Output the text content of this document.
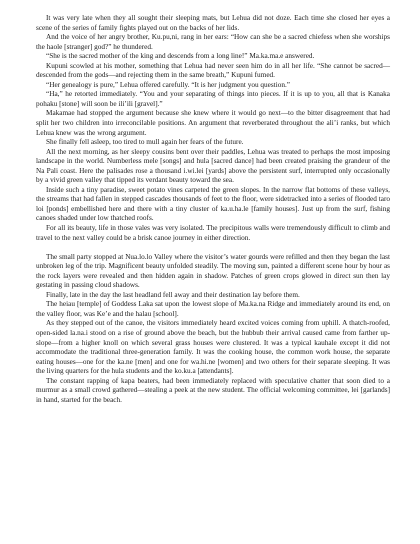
It was very late when they all sought their sleeping mats, but Lehua did not doze. Each time she closed her eyes a scene of the series of family fights played out on the backs of her lids.

And the voice of her angry brother, Ku.pu,ni, rang in her ears: “How can she be a sacred chiefess when she worships the haole [stranger] god?” he thundered.

“She is the sacred mother of the king and descends from a long line!” Ma.ka.ma.e answered.

Kupuni scowled at his mother, something that Lehua had never seen him do in all her life. “She cannot be sacred—descended from the gods—and rejecting them in the same breath,” Kupuni fumed.

“Her genealogy is pure,” Lehua offered carefully. “It is her judgment you question.”

“Ha,” he retorted immediately. “You and your separating of things into pieces. If it is up to you, all that is Kanaka pohaku [stone] will soon be ili’ili [gravel].”

Makamae had stopped the argument because she knew where it would go next—to the bitter disagreement that had split her two children into irreconcilable positions. An argument that reverberated throughout the ali’i ranks, but which Lehua knew was the wrong argument.

She finally fell asleep, too tired to mull again her fears of the future.

All the next morning, as her sleepy cousins bent over their paddles, Lehua was treated to perhaps the most imposing landscape in the world. Numberless mele [songs] and hula [sacred dance] had been created praising the grandeur of the Na Pali coast. Here the palisades rose a thousand i.wi.lei [yards] above the persistent surf, interrupted only occasionally by a vivid green valley that tipped its verdant beauty toward the sea.

Inside such a tiny paradise, sweet potato vines carpeted the green slopes. In the narrow flat bottoms of these valleys, the streams that had fallen in stepped cascades thousands of feet to the floor, were sidetracked into a series of flooded taro loi [ponds] embellished here and there with a tiny cluster of ka.u.ha.le [family houses]. Just up from the surf, fishing canoes shaded under low thatched roofs.

For all its beauty, life in those vales was very isolated. The precipitous walls were tremendously difficult to climb and travel to the next valley could be a brisk canoe journey in either direction.

The small party stopped at Nua.lo.lo Valley where the visitor’s water gourds were refilled and then they began the last unbroken leg of the trip. Magnificent beauty unfolded steadily. The moving sun, painted a different scene hour by hour as the rock layers were revealed and then hidden again in shadow. Patches of green crops glowed in direct sun then lay gestating in passing cloud shadows.

Finally, late in the day the last headland fell away and their destination lay before them.

The heiau [temple] of Goddess Laka sat upon the lowest slope of Ma.ka.na Ridge and immediately around its end, on the valley floor, was Ke’e and the halau [school].

As they stepped out of the canoe, the visitors immediately heard excited voices coming from uphill. A thatch-roofed, open-sided la.na.i stood on a rise of ground above the beach, but the hubbub their arrival caused came from farther up-slope—from a higher knoll on which several grass houses were clustered. It was a typical kauhale except it did not accommodate the traditional three-generation family. It was the cooking house, the common work house, the separate eating houses—one for the ka.ne [men] and one for wa.hi.ne [women] and two others for their separate sleeping. It was the living quarters for the hula students and the ko.ku.a [attendants].

The constant rapping of kapa beaters, had been immediately replaced with speculative chatter that soon died to a murmur as a small crowd gathered—stealing a peek at the new student. The official welcoming committee, lei [garlands] in hand, started for the beach.
